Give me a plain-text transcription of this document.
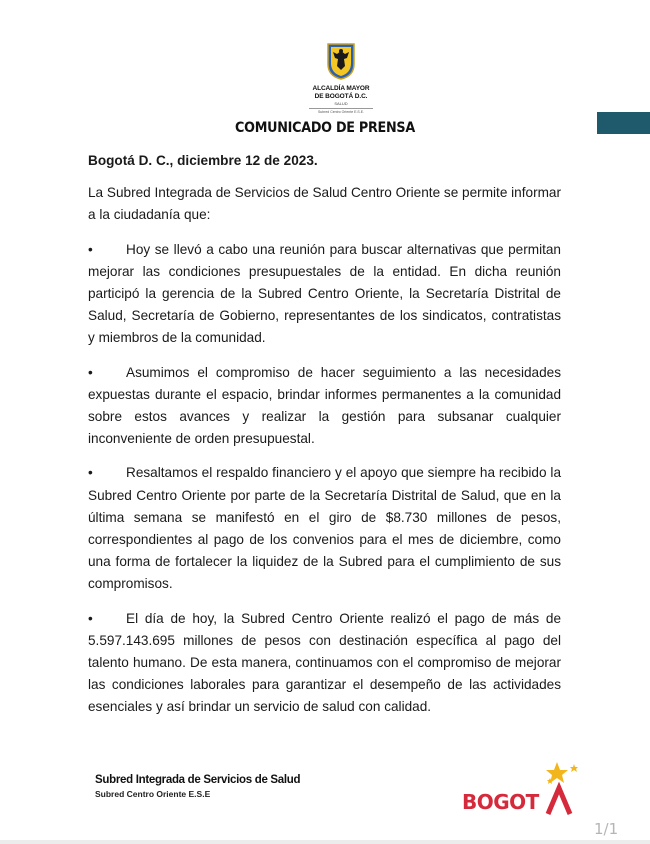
ALCALDÍA MAYOR
DE BOGOTÁ D.C.
SALUD
Subred Centro Oriente E.S.E.
COMUNICADO DE PRENSA

Bogotá D. C., diciembre 12 de 2023.

La Subred Integrada de Servicios de Salud Centro Oriente se permite informar a la ciudadanía que:

• Hoy se llevó a cabo una reunión para buscar alternativas que permitan mejorar las condiciones presupuestales de la entidad. En dicha reunión participó la gerencia de la Subred Centro Oriente, la Secretaría Distrital de Salud, Secretaría de Gobierno, representantes de los sindicatos, contratistas y miembros de la comunidad.

• Asumimos el compromiso de hacer seguimiento a las necesidades expuestas durante el espacio, brindar informes permanentes a la comunidad sobre estos avances y realizar la gestión para subsanar cualquier inconveniente de orden presupuestal.

• Resaltamos el respaldo financiero y el apoyo que siempre ha recibido la Subred Centro Oriente por parte de la Secretaría Distrital de Salud, que en la última semana se manifestó en el giro de $8.730 millones de pesos, correspondientes al pago de los convenios para el mes de diciembre, como una forma de fortalecer la liquidez de la Subred para el cumplimiento de sus compromisos.

• El día de hoy, la Subred Centro Oriente realizó el pago de más de 5.597.143.695 millones de pesos con destinación específica al pago del talento humano. De esta manera, continuamos con el compromiso de mejorar las condiciones laborales para garantizar el desempeño de las actividades esenciales y así brindar un servicio de salud con calidad.

Subred Integrada de Servicios de Salud
Subred Centro Oriente E.S.E	BOGOT
1/1
